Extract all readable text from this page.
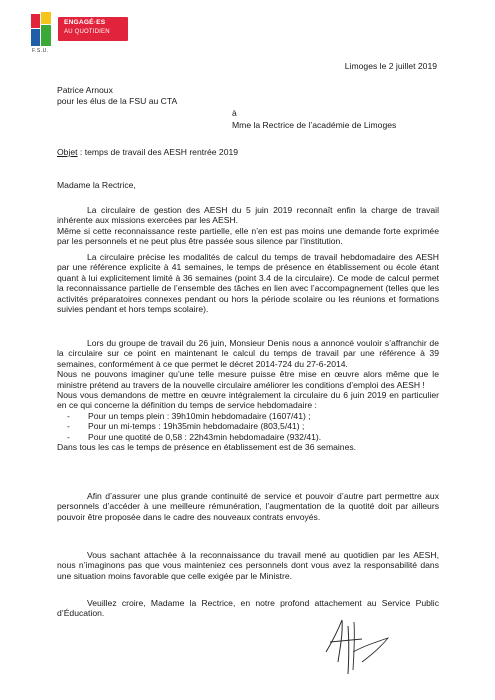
F.S.U.
ENGAGÉ·ES
AU QUOTIDIEN
Limoges le 2 juillet 2019
Patrice Arnoux
pour les élus de la FSU au CTA
à
Mme la Rectrice de l’académie de Limoges
Objet : temps de travail des AESH rentrée 2019
Madame la Rectrice,

La circulaire de gestion des AESH du 5 juin 2019 reconnaît enfin la charge de travail inhérente aux missions exercées par les AESH.

Même si cette reconnaissance reste partielle, elle n’en est pas moins une demande forte exprimée par les personnels et ne peut plus être passée sous silence par l’institution.

La circulaire précise les modalités de calcul du temps de travail hebdomadaire des AESH par une référence explicite à 41 semaines, le temps de présence en établissement ou école étant quant à lui explicitement limité à 36 semaines (point 3.4 de la circulaire). Ce mode de calcul permet la reconnaissance partielle de l’ensemble des tâches en lien avec l’accompagnement (telles que les activités préparatoires connexes pendant ou hors la période scolaire ou les réunions et formations suivies pendant et hors temps scolaire).

Lors du groupe de travail du 26 juin, Monsieur Denis nous a annoncé vouloir s’affranchir de la circulaire sur ce point en maintenant le calcul du temps de travail par une référence à 39 semaines, conformément à ce que permet le décret 2014-724 du 27-6-2014.

Nous ne pouvons imaginer qu’une telle mesure puisse être mise en œuvre alors même que le ministre prétend au travers de la nouvelle circulaire améliorer les conditions d’emploi des AESH !

Nous vous demandons de mettre en œuvre intégralement la circulaire du 6 juin 2019 en particulier en ce qui concerne la définition du temps de service hebdomadaire :

- Pour un temps plein : 39h10min hebdomadaire (1607/41) ;
- Pour un mi-temps : 19h35min hebdomadaire (803,5/41) ;
- Pour une quotité de 0,58 : 22h43min hebdomadaire (932/41).

Dans tous les cas le temps de présence en établissement est de 36 semaines.

Afin d’assurer une plus grande continuité de service et pouvoir d’autre part permettre aux personnels d’accéder à une meilleure rémunération, l’augmentation de la quotité doit par ailleurs pouvoir être proposée dans le cadre des nouveaux contrats envoyés.

Vous sachant attachée à la reconnaissance du travail mené au quotidien par les AESH, nous n’imaginons pas que vous mainteniez ces personnels dont vous avez la responsabilité dans une situation moins favorable que celle exigée par le Ministre.

Veuillez croire, Madame la Rectrice, en notre profond attachement au Service Public d’Éducation.
